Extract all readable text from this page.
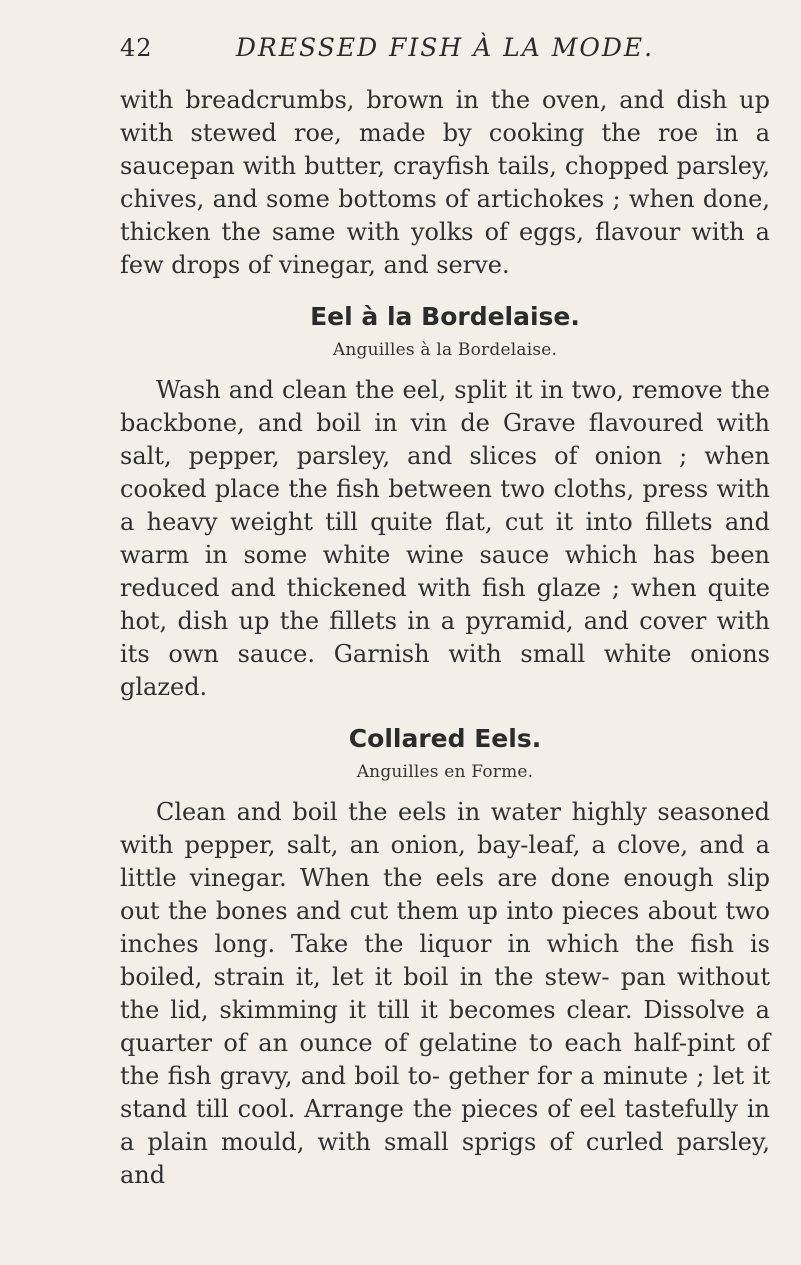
42	DRESSED FISH À LA MODE.

with breadcrumbs, brown in the oven, and dish up with stewed roe, made by cooking the roe in a saucepan with butter, crayfish tails, chopped parsley, chives, and some bottoms of artichokes ; when done, thicken the same with yolks of eggs, flavour with a few drops of vinegar, and serve.

Eel à la Bordelaise.
Anguilles à la Bordelaise.

Wash and clean the eel, split it in two, remove the backbone, and boil in vin de Grave flavoured with salt, pepper, parsley, and slices of onion ; when cooked place the fish between two cloths, press with a heavy weight till quite flat, cut it into fillets and warm in some white wine sauce which has been reduced and thickened with fish glaze ; when quite hot, dish up the fillets in a pyramid, and cover with its own sauce. Garnish with small white onions glazed.

Collared Eels.
Anguilles en Forme.

Clean and boil the eels in water highly seasoned with pepper, salt, an onion, bay-leaf, a clove, and a little vinegar. When the eels are done enough slip out the bones and cut them up into pieces about two inches long. Take the liquor in which the fish is boiled, strain it, let it boil in the stew- pan without the lid, skimming it till it becomes clear. Dissolve a quarter of an ounce of gelatine to each half-pint of the fish gravy, and boil to- gether for a minute ; let it stand till cool. Arrange the pieces of eel tastefully in a plain mould, with small sprigs of curled parsley, and
